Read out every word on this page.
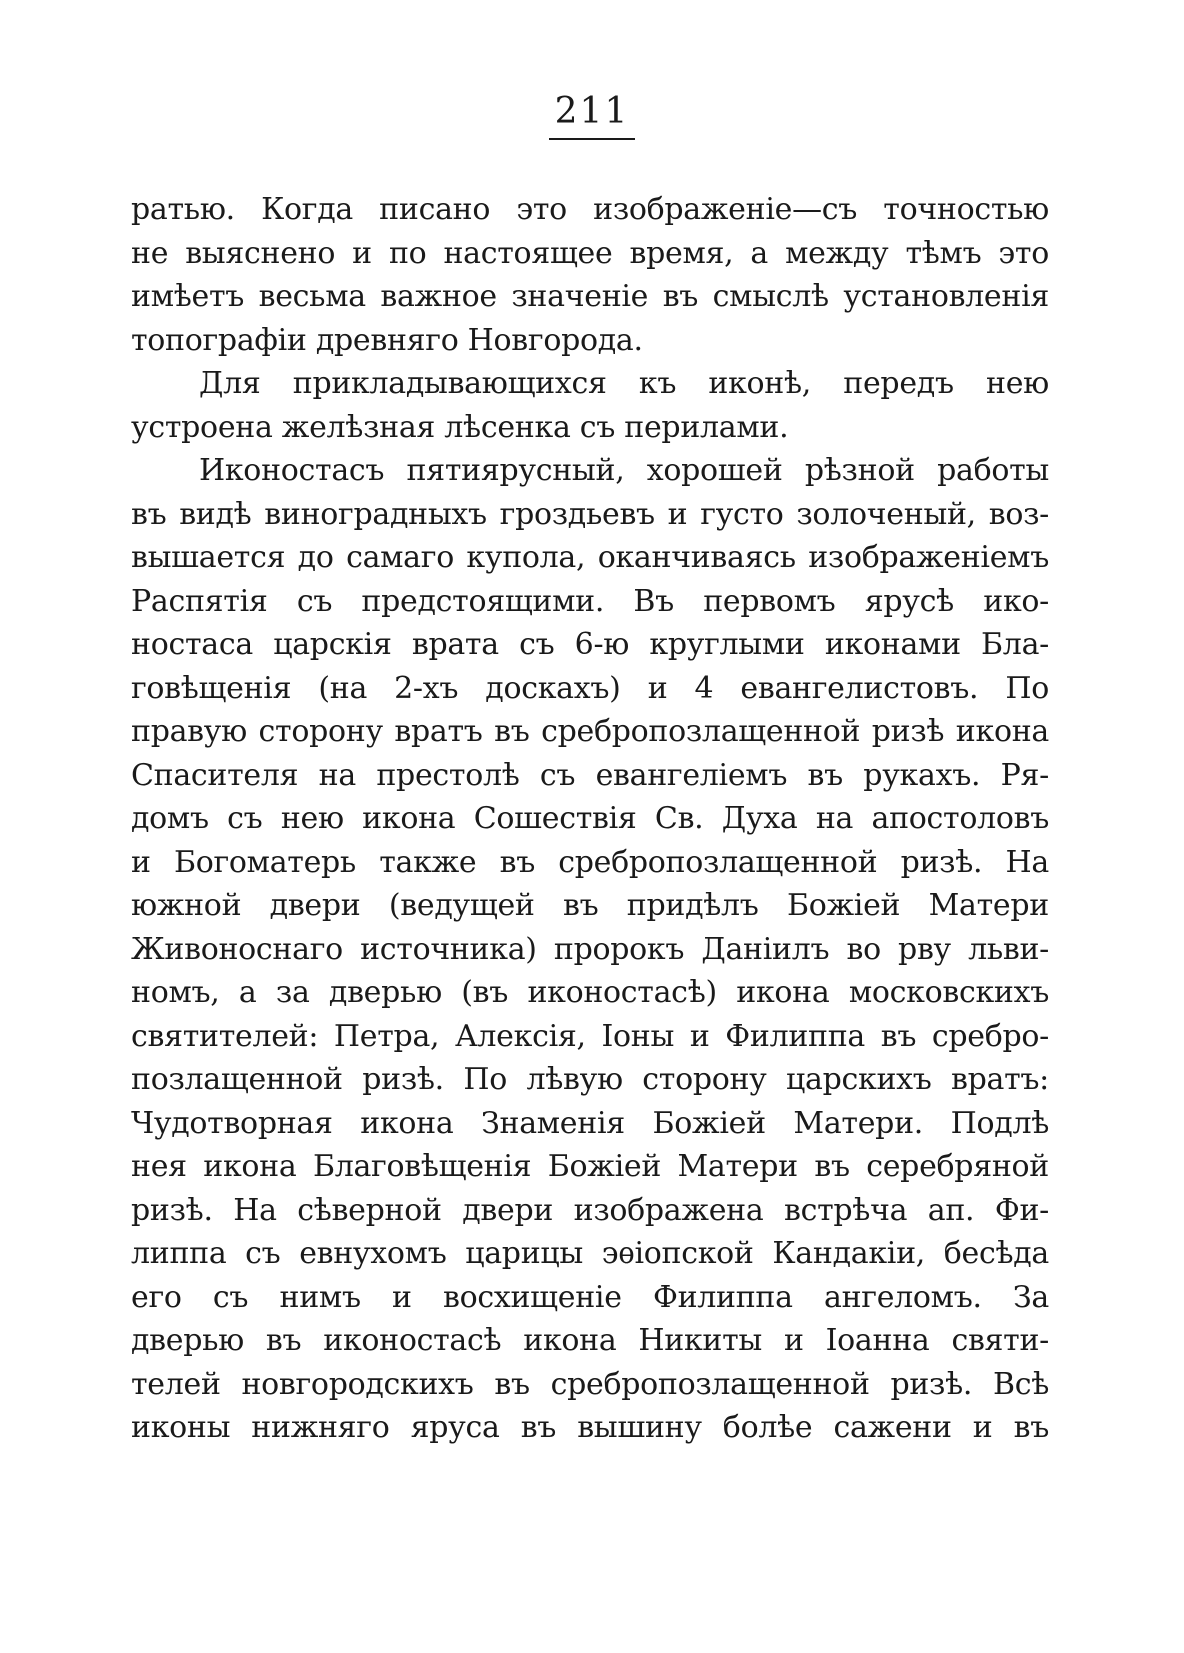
211
ратью. Когда писано это изображеніе—съ точностью
не выяснено и по настоящее время, а между тѣмъ это
имѣетъ весьма важное значеніе въ смыслѣ установленія
топографіи древняго Новгорода.
Для прикладывающихся къ иконѣ, передъ нею
устроена желѣзная лѣсенка съ перилами.
Иконостасъ пятиярусный, хорошей рѣзной работы
въ видѣ виноградныхъ гроздьевъ и густо золоченый, воз-
вышается до самаго купола, оканчиваясь изображеніемъ
Распятія съ предстоящими. Въ первомъ ярусѣ ико-
ностаса царскія врата съ 6-ю круглыми иконами Бла-
говѣщенія (на 2-хъ доскахъ) и 4 евангелистовъ. По
правую сторону вратъ въ сребропозлащенной ризѣ икона
Спасителя на престолѣ съ евангеліемъ въ рукахъ. Ря-
домъ съ нею икона Сошествія Св. Духа на апостоловъ
и Богоматерь также въ сребропозлащенной ризѣ. На
южной двери (ведущей въ придѣлъ Божіей Матери
Живоноснаго источника) пророкъ Даніилъ во рву льви-
номъ, а за дверью (въ иконостасѣ) икона московскихъ
святителей: Петра, Алексія, Іоны и Филиппа въ сребро-
позлащенной ризѣ. По лѣвую сторону царскихъ вратъ:
Чудотворная икона Знаменія Божіей Матери. Подлѣ
нея икона Благовѣщенія Божіей Матери въ серебряной
ризѣ. На сѣверной двери изображена встрѣча ап. Фи-
липпа съ евнухомъ царицы эѳіопской Кандакіи, бесѣда
его съ нимъ и восхищеніе Филиппа ангеломъ. За
дверью въ иконостасѣ икона Никиты и Іоанна святи-
телей новгородскихъ въ сребропозлащенной ризѣ. Всѣ
иконы нижняго яруса въ вышину болѣе сажени и въ
